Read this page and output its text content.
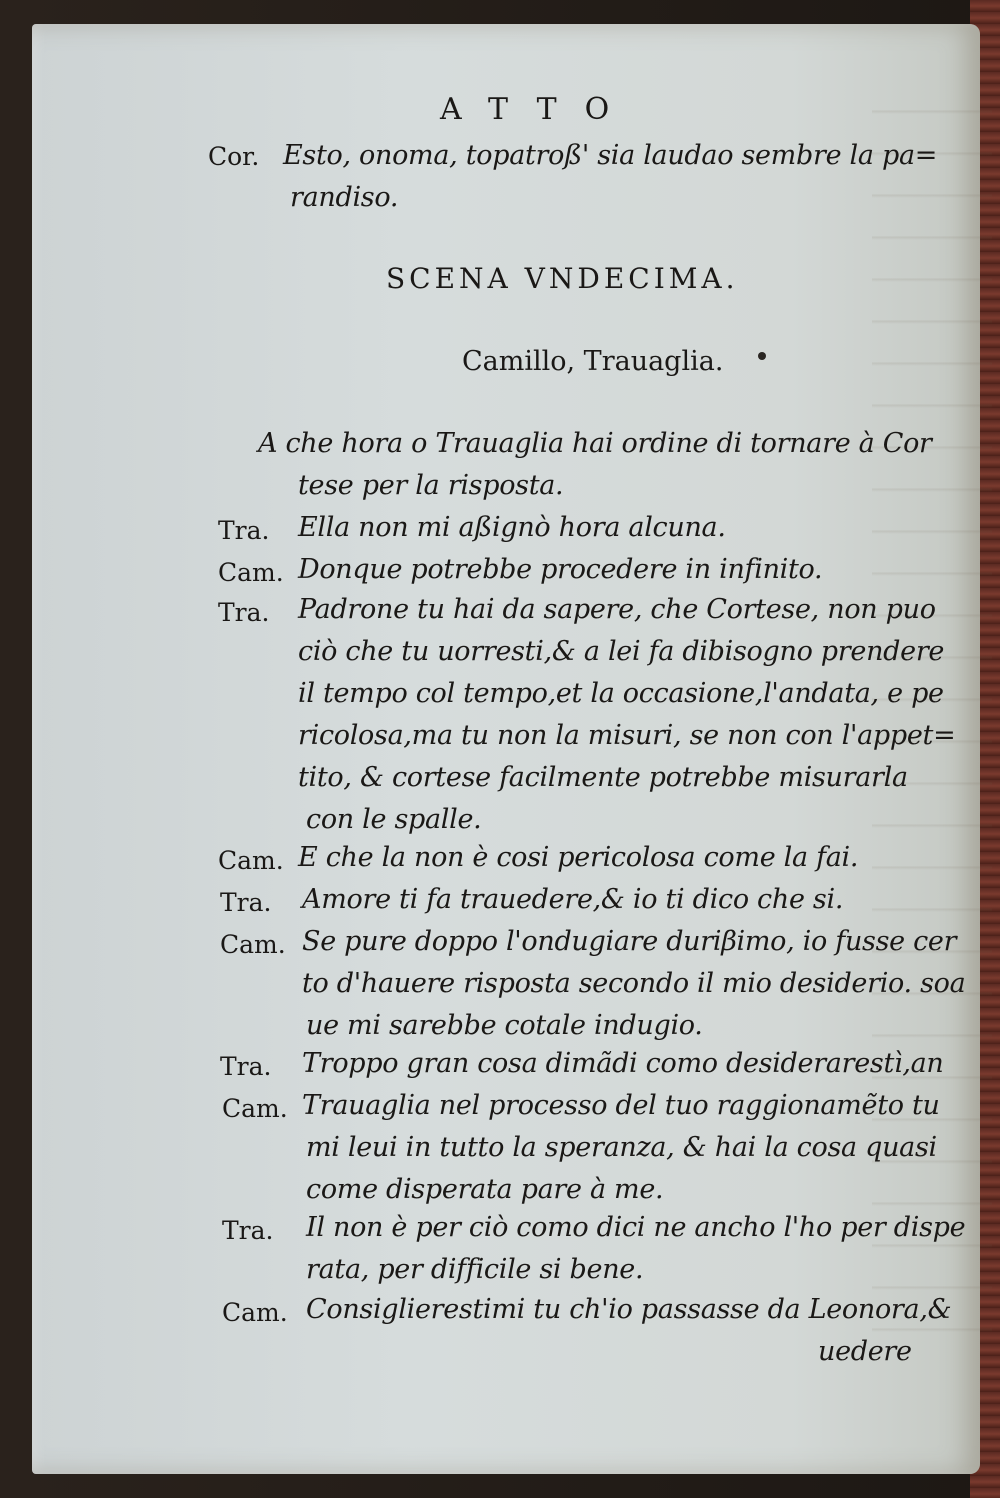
ATTO
Cor. Esto, onoma, topatroß' sia laudao sembre la pa=
randiso.
SCENA VNDECIMA.
Camillo, Trauaglia.
A che hora o Trauaglia hai ordine di tornare à Cor
tese per la risposta.
Tra. Ella non mi aßignò hora alcuna.
Cam. Donque potrebbe procedere in infinito.
Tra. Padrone tu hai da sapere, che Cortese, non puo
ciò che tu uorresti,& a lei fa dibisogno prendere
il tempo col tempo,et la occasione,l'andata, e pe
ricolosa,ma tu non la misuri, se non con l'appet=
tito, & cortese facilmente potrebbe misurarla
con le spalle.
Cam. E che la non è cosi pericolosa come la fai.
Tra. Amore ti fa trauedere,& io ti dico che si.
Cam. Se pure doppo l'ondugiare duriβimo, io fusse cer
to d'hauere risposta secondo il mio desiderio. soa
ue mi sarebbe cotale indugio.
Tra. Troppo gran cosa dimãdi como desiderarestì,an
Cam. Trauaglia nel processo del tuo raggionamẽto tu
mi leui in tutto la speranza, & hai la cosa quasi
come disperata pare à me.
Tra. Il non è per ciò como dici ne ancho l'ho per dispe
rata, per difficile si bene.
Cam. Consiglierestimi tu ch'io passasse da Leonora,&
uedere
